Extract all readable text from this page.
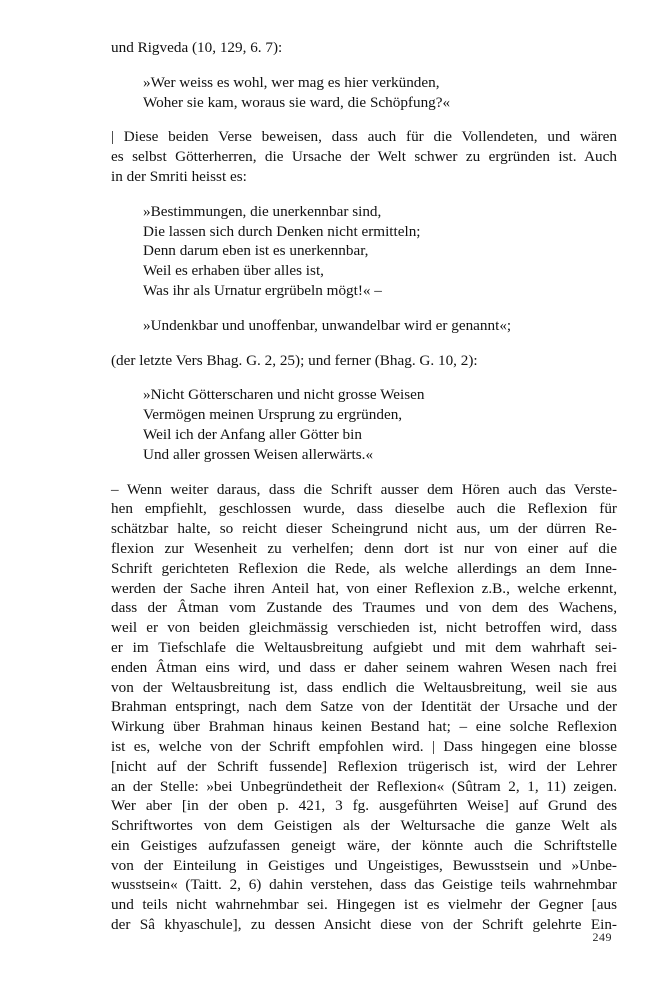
und Rigveda (10, 129, 6. 7):
»Wer weiss es wohl, wer mag es hier verkünden,
Woher sie kam, woraus sie ward, die Schöpfung?«
| Diese beiden Verse beweisen, dass auch für die Vollendeten, und wären
es selbst Götterherren, die Ursache der Welt schwer zu ergründen ist. Auch
in der Smriti heisst es:
»Bestimmungen, die unerkennbar sind,
Die lassen sich durch Denken nicht ermitteln;
Denn darum eben ist es unerkennbar,
Weil es erhaben über alles ist,
Was ihr als Urnatur ergrübeln mögt!« –
»Undenkbar und unoffenbar, unwandelbar wird er genannt«;
(der letzte Vers Bhag. G. 2, 25); und ferner (Bhag. G. 10, 2):
»Nicht Götterscharen und nicht grosse Weisen
Vermögen meinen Ursprung zu ergründen,
Weil ich der Anfang aller Götter bin
Und aller grossen Weisen allerwärts.«
– Wenn weiter daraus, dass die Schrift ausser dem Hören auch das Verste-
hen empfiehlt, geschlossen wurde, dass dieselbe auch die Reflexion für
schätzbar halte, so reicht dieser Scheingrund nicht aus, um der dürren Re-
flexion zur Wesenheit zu verhelfen; denn dort ist nur von einer auf die
Schrift gerichteten Reflexion die Rede, als welche allerdings an dem Inne-
werden der Sache ihren Anteil hat, von einer Reflexion z.B., welche erkennt,
dass der Âtman vom Zustande des Traumes und von dem des Wachens,
weil er von beiden gleichmässig verschieden ist, nicht betroffen wird, dass
er im Tiefschlafe die Weltausbreitung aufgiebt und mit dem wahrhaft sei-
enden Âtman eins wird, und dass er daher seinem wahren Wesen nach frei
von der Weltausbreitung ist, dass endlich die Weltausbreitung, weil sie aus
Brahman entspringt, nach dem Satze von der Identität der Ursache und der
Wirkung über Brahman hinaus keinen Bestand hat; – eine solche Reflexion
ist es, welche von der Schrift empfohlen wird. | Dass hingegen eine blosse
[nicht auf der Schrift fussende] Reflexion trügerisch ist, wird der Lehrer
an der Stelle: »bei Unbegründetheit der Reflexion« (Sûtram 2, 1, 11) zeigen.
Wer aber [in der oben p. 421, 3 fg. ausgeführten Weise] auf Grund des
Schriftwortes von dem Geistigen als der Weltursache die ganze Welt als
ein Geistiges aufzufassen geneigt wäre, der könnte auch die Schriftstelle
von der Einteilung in Geistiges und Ungeistiges, Bewusstsein und »Unbe-
wusstsein« (Taitt. 2, 6) dahin verstehen, dass das Geistige teils wahrnehmbar
und teils nicht wahrnehmbar sei. Hingegen ist es vielmehr der Gegner [aus
der Sâ khyaschule], zu dessen Ansicht diese von der Schrift gelehrte Ein-
249
